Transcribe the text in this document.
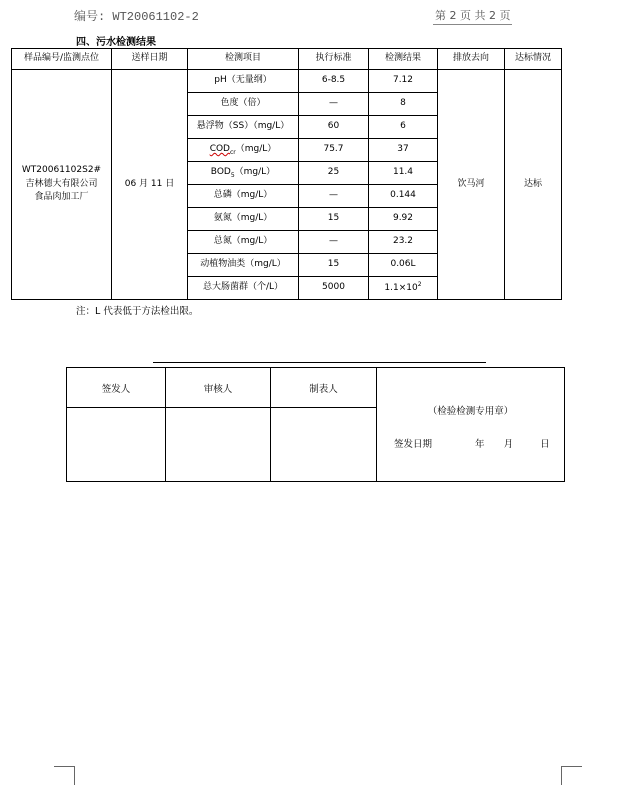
编号: WT20061102-2	第 2 页 共 2 页
四、污水检测结果
样品编号/监测点位	送样日期	检测项目	执行标准	检测结果	排放去向	达标情况

WT20061102S2#
吉林德大有限公司
食品肉加工厂	06 月 11 日	pH（无量纲）	6-8.5	7.12	饮马河	达标
		色度（倍）	—	8		
		悬浮物（SS）（mg/L）	60	6		
		$COD_{cr}(mg/L)$	75.7	37		
		$BOD_5(mg/L)$	25	11.4		
		总磷（mg/L）	—	0.144		
		氨氮（mg/L）	15	9.92		
		总氮（mg/L）	—	23.2		
		动植物油类（mg/L）	15	0.06L		
		总大肠菌群（个/L）	5000	$1.1\times 10^2$
注：L 代表低于方法检出限。
签发人	审核人	制表人	（检验检测专用章）
签发日期 年 月 日
